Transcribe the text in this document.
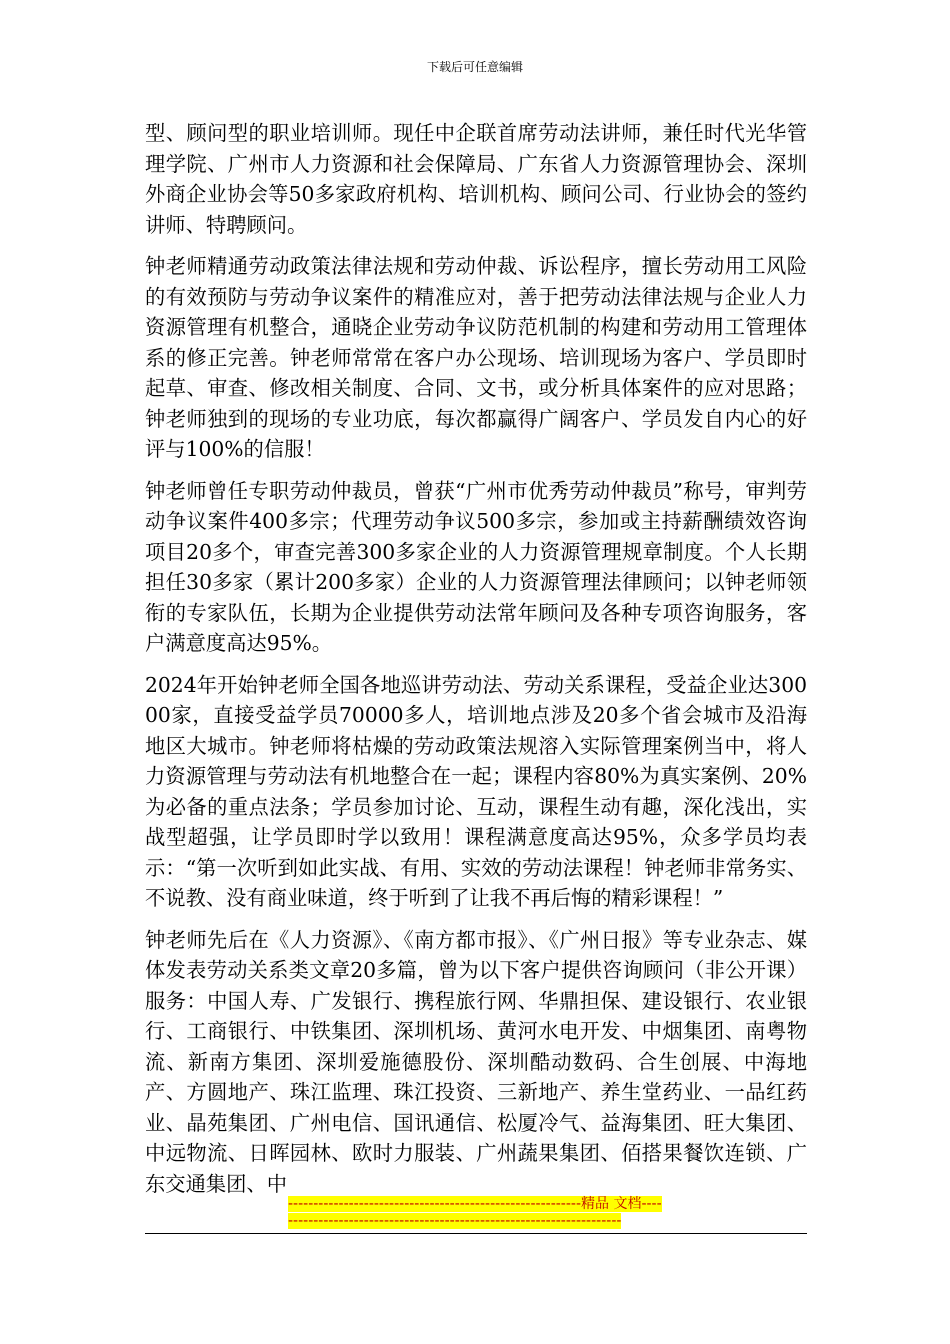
下载后可任意编辑

型、顾问型的职业培训师。现任中企联首席劳动法讲师，兼任时代光华管理学院、广州市人力资源和社会保障局、广东省人力资源管理协会、深圳外商企业协会等50多家政府机构、培训机构、顾问公司、行业协会的签约讲师、特聘顾问。

钟老师精通劳动政策法律法规和劳动仲裁、诉讼程序，擅长劳动用工风险的有效预防与劳动争议案件的精准应对，善于把劳动法律法规与企业人力资源管理有机整合，通晓企业劳动争议防范机制的构建和劳动用工管理体系的修正完善。钟老师常常在客户办公现场、培训现场为客户、学员即时起草、审查、修改相关制度、合同、文书，或分析具体案件的应对思路；钟老师独到的现场的专业功底，每次都赢得广阔客户、学员发自内心的好评与100%的信服！

钟老师曾任专职劳动仲裁员，曾获“广州市优秀劳动仲裁员”称号，审判劳动争议案件400多宗；代理劳动争议500多宗，参加或主持薪酬绩效咨询项目20多个，审查完善300多家企业的人力资源管理规章制度。个人长期担任30多家（累计200多家）企业的人力资源管理法律顾问；以钟老师领衔的专家队伍，长期为企业提供劳动法常年顾问及各种专项咨询服务，客户满意度高达95%。

2024年开始钟老师全国各地巡讲劳动法、劳动关系课程，受益企业达30000家，直接受益学员70000多人，培训地点涉及20多个省会城市及沿海地区大城市。钟老师将枯燥的劳动政策法规溶入实际管理案例当中，将人力资源管理与劳动法有机地整合在一起；课程内容80%为真实案例、20%为必备的重点法条；学员参加讨论、互动，课程生动有趣，深化浅出，实战型超强，让学员即时学以致用！课程满意度高达95%，众多学员均表示：“第一次听到如此实战、有用、实效的劳动法课程！钟老师非常务实、不说教、没有商业味道，终于听到了让我不再后悔的精彩课程！”

钟老师先后在《人力资源》、《南方都市报》、《广州日报》等专业杂志、媒体发表劳动关系类文章20多篇，曾为以下客户提供咨询顾问（非公开课）服务：中国人寿、广发银行、携程旅行网、华鼎担保、建设银行、农业银行、工商银行、中铁集团、深圳机场、黄河水电开发、中烟集团、南粤物流、新南方集团、深圳爱施德股份、深圳酷动数码、合生创展、中海地产、方圆地产、珠江监理、珠江投资、三新地产、养生堂药业、一品红药业、晶苑集团、广州电信、国讯通信、松厦冷气、益海集团、旺大集团、中远物流、日晖园林、欧时力服装、广州蔬果集团、佰搭果餐饮连锁、广东交通集团、中

----------------------------------------------------------精品 文档----------------------------------------------------------------------
